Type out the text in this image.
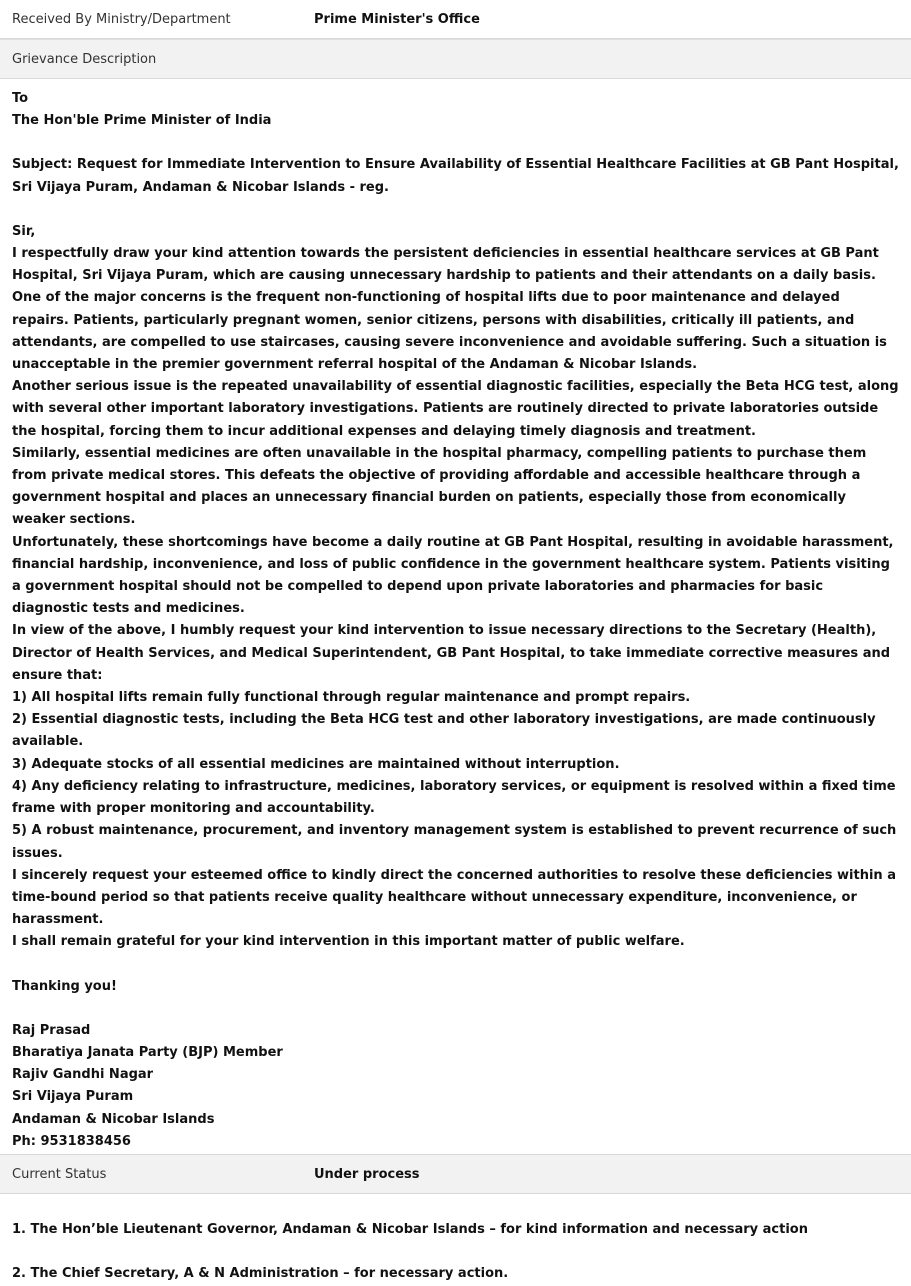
Received By Ministry/Department	Prime Minister's Office
Grievance Description

To
The Hon'ble Prime Minister of India

Subject: Request for Immediate Intervention to Ensure Availability of Essential Healthcare Facilities at GB Pant Hospital, Sri Vijaya Puram, Andaman & Nicobar Islands - reg.

Sir,
I respectfully draw your kind attention towards the persistent deficiencies in essential healthcare services at GB Pant Hospital, Sri Vijaya Puram, which are causing unnecessary hardship to patients and their attendants on a daily basis.
One of the major concerns is the frequent non-functioning of hospital lifts due to poor maintenance and delayed repairs. Patients, particularly pregnant women, senior citizens, persons with disabilities, critically ill patients, and attendants, are compelled to use staircases, causing severe inconvenience and avoidable suffering. Such a situation is unacceptable in the premier government referral hospital of the Andaman & Nicobar Islands.
Another serious issue is the repeated unavailability of essential diagnostic facilities, especially the Beta HCG test, along with several other important laboratory investigations. Patients are routinely directed to private laboratories outside the hospital, forcing them to incur additional expenses and delaying timely diagnosis and treatment.
Similarly, essential medicines are often unavailable in the hospital pharmacy, compelling patients to purchase them from private medical stores. This defeats the objective of providing affordable and accessible healthcare through a government hospital and places an unnecessary financial burden on patients, especially those from economically weaker sections.
Unfortunately, these shortcomings have become a daily routine at GB Pant Hospital, resulting in avoidable harassment, financial hardship, inconvenience, and loss of public confidence in the government healthcare system. Patients visiting a government hospital should not be compelled to depend upon private laboratories and pharmacies for basic diagnostic tests and medicines.
In view of the above, I humbly request your kind intervention to issue necessary directions to the Secretary (Health), Director of Health Services, and Medical Superintendent, GB Pant Hospital, to take immediate corrective measures and ensure that:
1) All hospital lifts remain fully functional through regular maintenance and prompt repairs.
2) Essential diagnostic tests, including the Beta HCG test and other laboratory investigations, are made continuously available.
3) Adequate stocks of all essential medicines are maintained without interruption.
4) Any deficiency relating to infrastructure, medicines, laboratory services, or equipment is resolved within a fixed time frame with proper monitoring and accountability.
5) A robust maintenance, procurement, and inventory management system is established to prevent recurrence of such issues.
I sincerely request your esteemed office to kindly direct the concerned authorities to resolve these deficiencies within a time-bound period so that patients receive quality healthcare without unnecessary expenditure, inconvenience, or harassment.
I shall remain grateful for your kind intervention in this important matter of public welfare.

Thanking you!

Raj Prasad
Bharatiya Janata Party (BJP) Member
Rajiv Gandhi Nagar
Sri Vijaya Puram
Andaman & Nicobar Islands
Ph: 9531838456

1. The Hon’ble Lieutenant Governor, Andaman & Nicobar Islands – for kind information and necessary action

2. The Chief Secretary, A & N Administration – for necessary action.

Current Status	Under process
